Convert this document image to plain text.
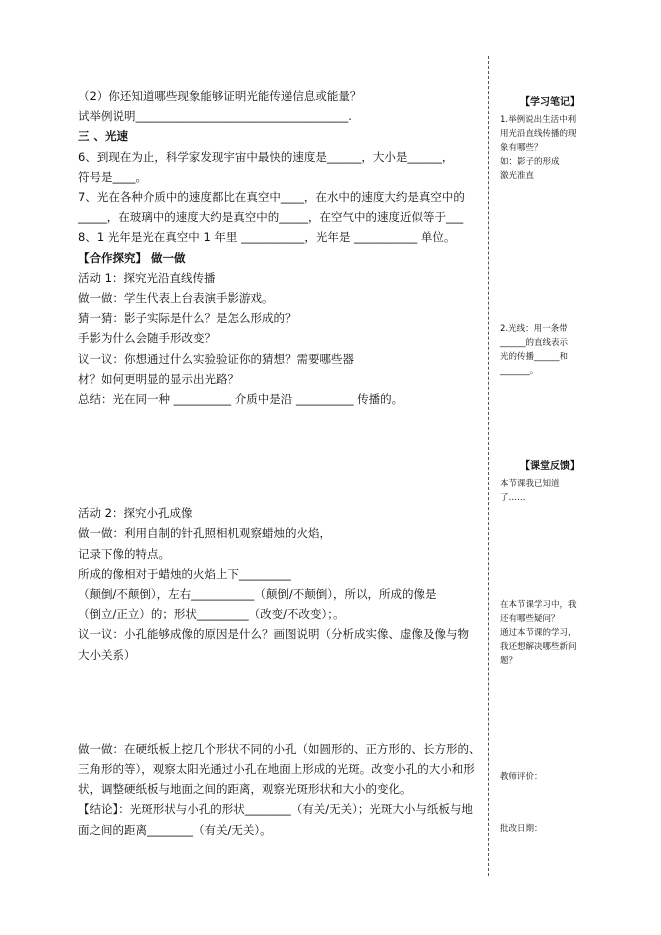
（2）你还知道哪些现象能够证明光能传递信息或能量？
试举例说明_____________________________________.
三 、光速
6、到现在为止，科学家发现宇宙中最快的速度是______，大小是______，
符号是____。
7、光在各种介质中的速度都比在真空中____，在水中的速度大约是真空中的
_____，在玻璃中的速度大约是真空中的_____，在空气中的速度近似等于___
8、1 光年是光在真空中 1 年里 ___________，光年是 ___________ 单位。
【合作探究】 做一做
活动 1：探究光沿直线传播
做一做：学生代表上台表演手影游戏。
猜一猜：影子实际是什么？是怎么形成的？
手影为什么会随手形改变？
议一议：你想通过什么实验验证你的猜想？需要哪些器
材？如何更明显的显示出光路？
总结：光在同一种 __________ 介质中是沿 __________ 传播的。
活动 2：探究小孔成像
做一做：利用自制的针孔照相机观察蜡烛的火焰，
记录下像的特点。
所成的像相对于蜡烛的火焰上下_________
（颠倒/不颠倒），左右___________（颠倒/不颠倒），所以，所成的像是
（倒立/正立）的；形状_________（改变/不改变）；。
议一议：小孔能够成像的原因是什么？画图说明（分析成实像、虚像及像与物
大小关系）
做一做：在硬纸板上挖几个形状不同的小孔（如圆形的、正方形的、长方形的、
三角形的等），观察太阳光通过小孔在地面上形成的光斑。改变小孔的大小和形
状，调整硬纸板与地面之间的距离，观察光斑形状和大小的变化。
【结论】：光斑形状与小孔的形状________（有关/无关）；光斑大小与纸板与地
面之间的距离________（有关/无关）。
【学习笔记】
1.举例说出生活中利
用光沿直线传播的现
象有哪些？
如：影子的形成
激光准直
2.光线：用一条带
______的直线表示
光的传播______和
_______。
【课堂反馈】
本节课我已知道
了……
在本节课学习中，我
还有哪些疑问？
通过本节课的学习，
我还想解决哪些新问
题？
教师评价：
批改日期：
